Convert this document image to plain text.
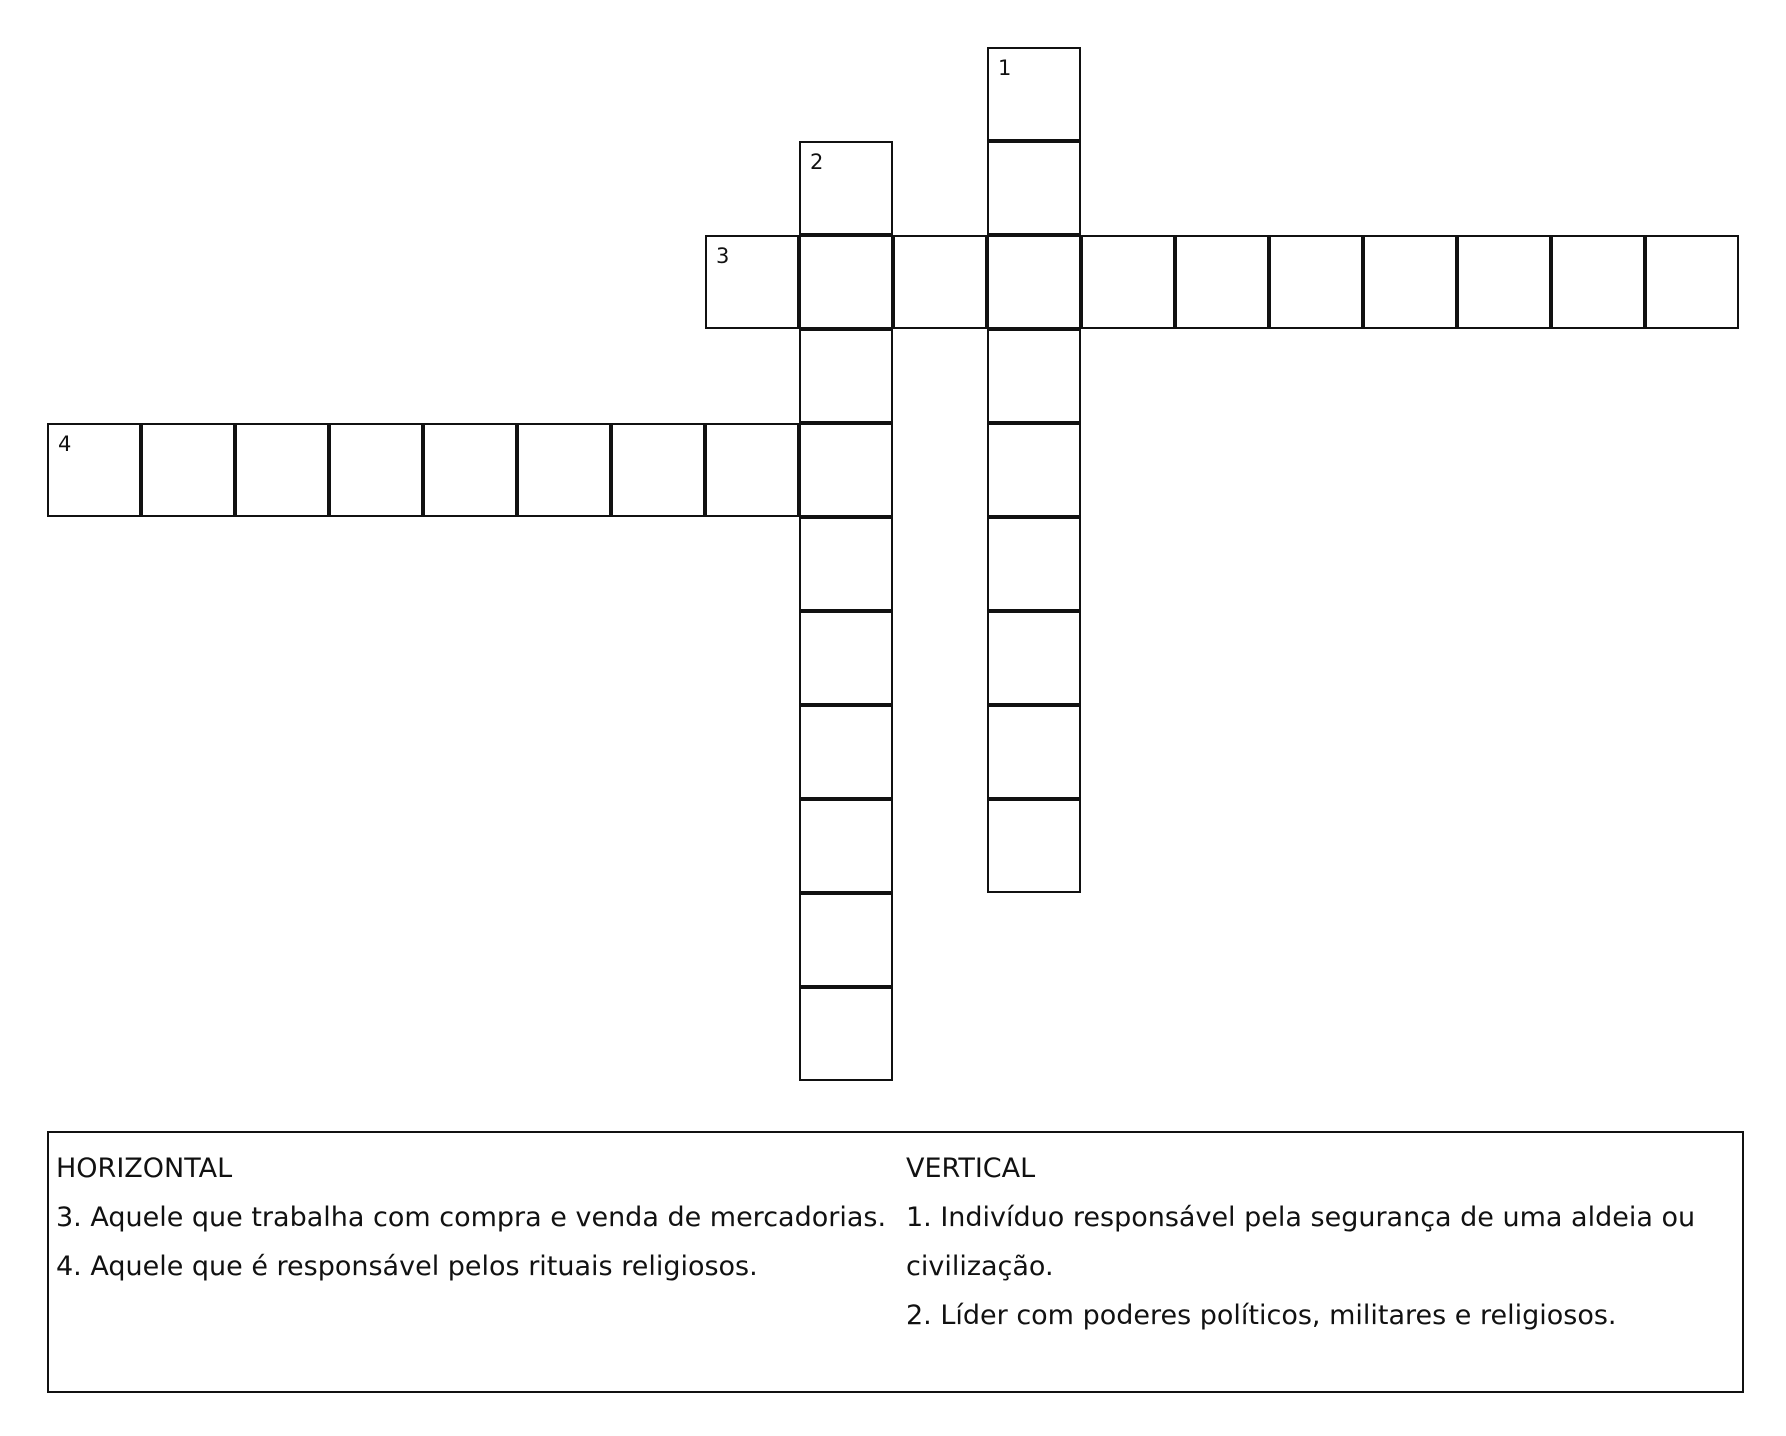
1
2
3
4
HORIZONTAL
3. Aquele que trabalha com compra e venda de mercadorias.
4. Aquele que é responsável pelos rituais religiosos.
VERTICAL
1. Indivíduo responsável pela segurança de uma aldeia ou
civilização.
2. Líder com poderes políticos, militares e religiosos.
